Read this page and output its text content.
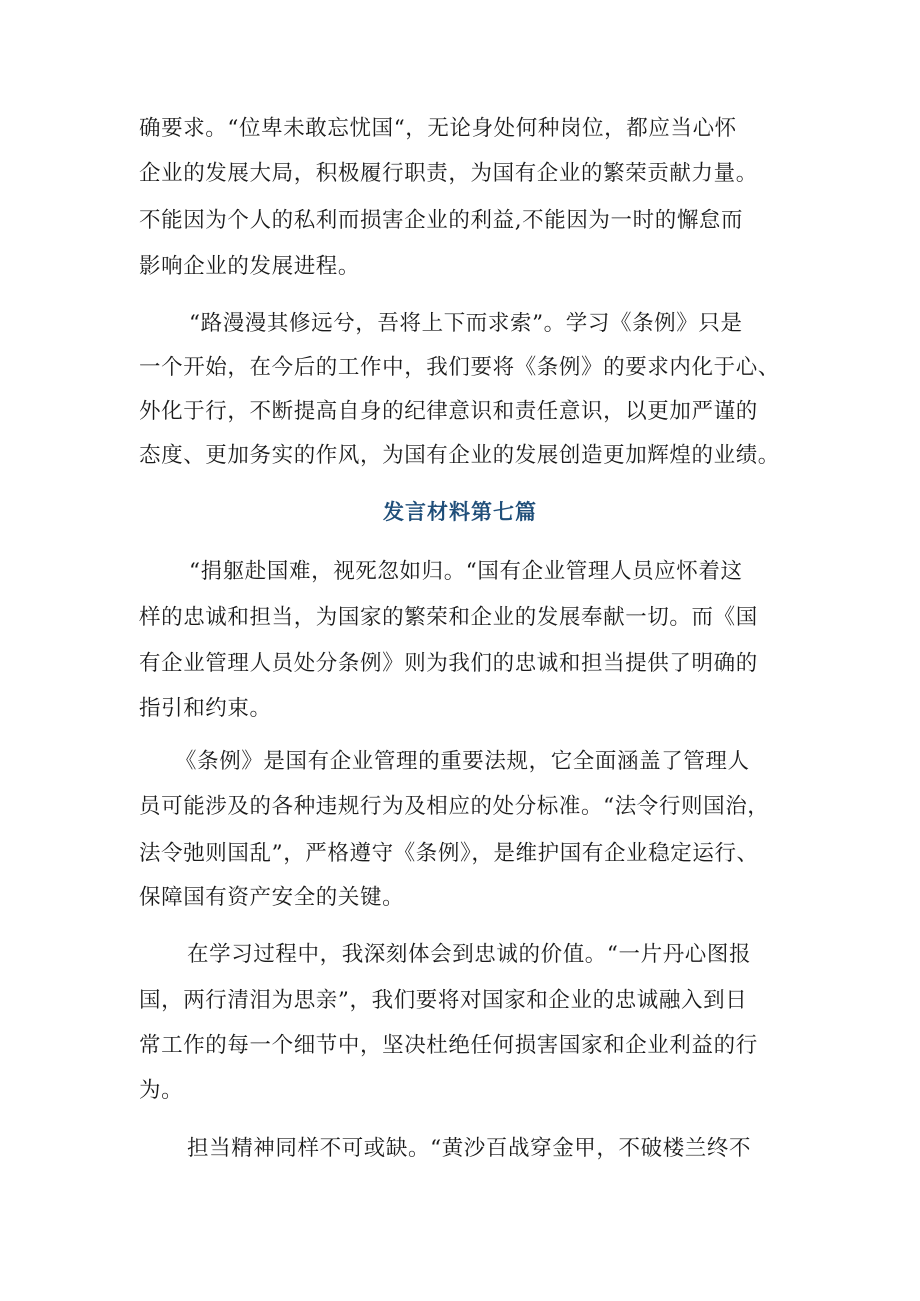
确要求。“位卑未敢忘忧国“，无论身处何种岗位，都应当心怀
企业的发展大局，积极履行职责，为国有企业的繁荣贡献力量。
不能因为个人的私利而损害企业的利益,不能因为一时的懈怠而
影响企业的发展进程。
“路漫漫其修远兮，吾将上下而求索”。学习《条例》只是
一个开始，在今后的工作中，我们要将《条例》的要求内化于心、
外化于行，不断提高自身的纪律意识和责任意识，以更加严谨的
态度、更加务实的作风，为国有企业的发展创造更加辉煌的业绩。
“捐躯赴国难，视死忽如归。“国有企业管理人员应怀着这
样的忠诚和担当，为国家的繁荣和企业的发展奉献一切。而《国
有企业管理人员处分条例》则为我们的忠诚和担当提供了明确的
指引和约束。
《条例》是国有企业管理的重要法规，它全面涵盖了管理人
员可能涉及的各种违规行为及相应的处分标准。“法令行则国治，
法令弛则国乱”，严格遵守《条例》，是维护国有企业稳定运行、
保障国有资产安全的关键。
在学习过程中，我深刻体会到忠诚的价值。“一片丹心图报
国，两行清泪为思亲”，我们要将对国家和企业的忠诚融入到日
常工作的每一个细节中，坚决杜绝任何损害国家和企业利益的行
为。
担当精神同样不可或缺。“黄沙百战穿金甲，不破楼兰终不
发言材料第七篇
